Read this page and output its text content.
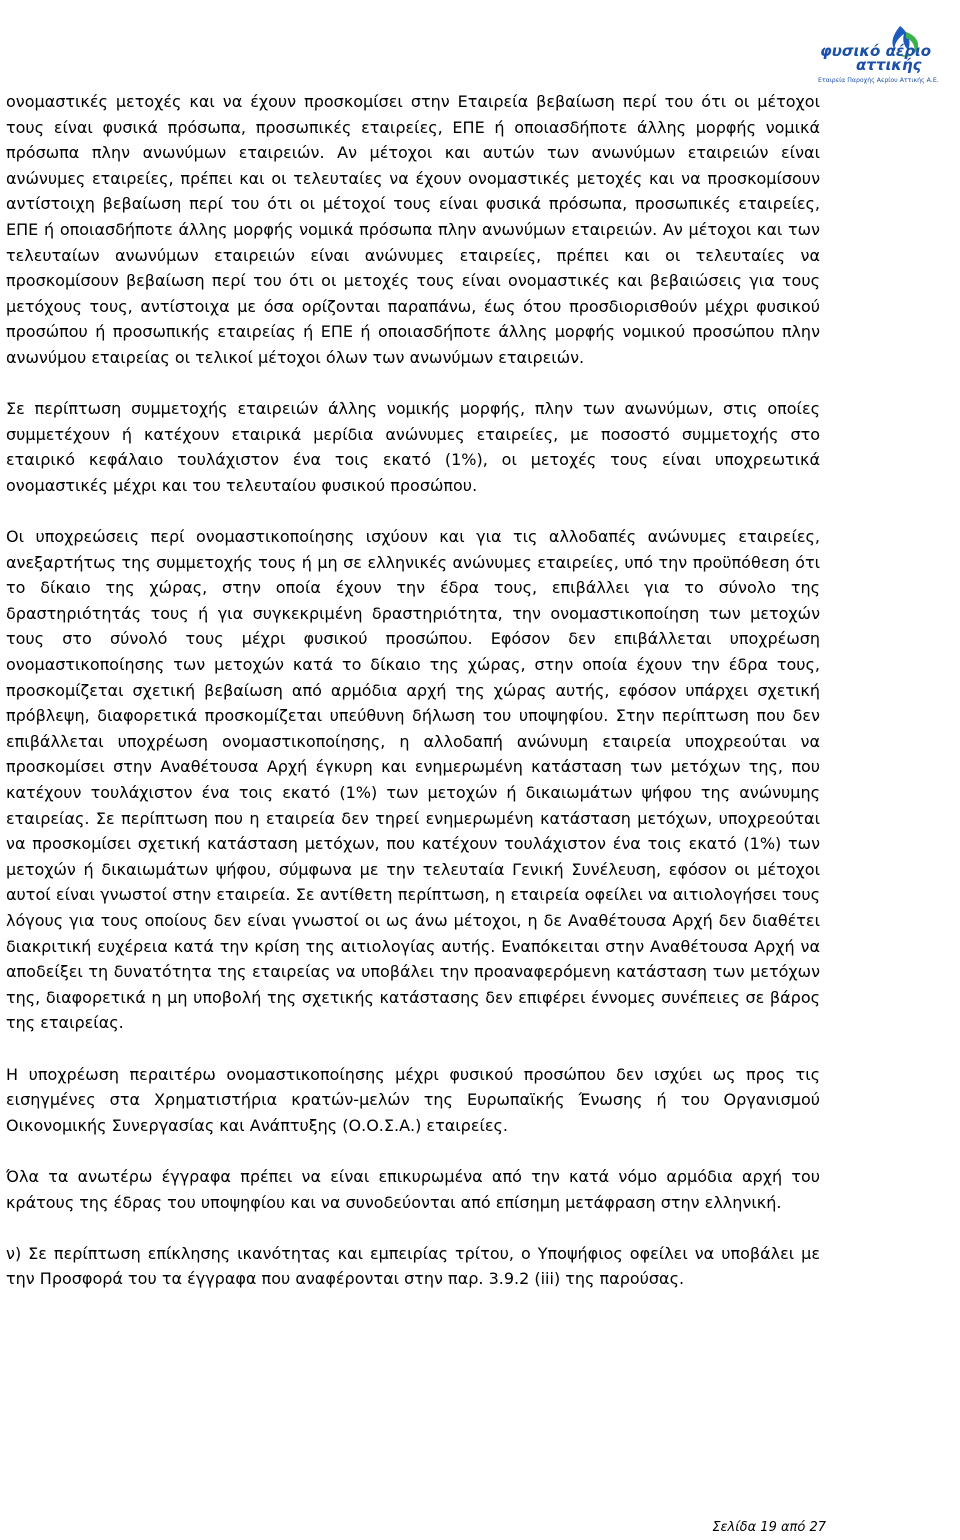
φυσικό αέριο
αττικής
Εταιρεία Παροχής Αερίου Αττικής Α.Ε.

ονομαστικές μετοχές και να έχουν προσκομίσει στην Εταιρεία βεβαίωση περί του ότι οι μέτοχοι τους είναι φυσικά πρόσωπα, προσωπικές εταιρείες, ΕΠΕ ή οποιασδήποτε άλλης μορφής νομικά πρόσωπα πλην ανωνύμων εταιρειών. Αν μέτοχοι και αυτών των ανωνύμων εταιρειών είναι ανώνυμες εταιρείες, πρέπει και οι τελευταίες να έχουν ονομαστικές μετοχές και να προσκομίσουν αντίστοιχη βεβαίωση περί του ότι οι μέτοχοί τους είναι φυσικά πρόσωπα, προσωπικές εταιρείες, ΕΠΕ ή οποιασδήποτε άλλης μορφής νομικά πρόσωπα πλην ανωνύμων εταιρειών. Αν μέτοχοι και των τελευταίων ανωνύμων εταιρειών είναι ανώνυμες εταιρείες, πρέπει και οι τελευταίες να προσκομίσουν βεβαίωση περί του ότι οι μετοχές τους είναι ονομαστικές και βεβαιώσεις για τους μετόχους τους, αντίστοιχα με όσα ορίζονται παραπάνω, έως ότου προσδιορισθούν μέχρι φυσικού προσώπου ή προσωπικής εταιρείας ή ΕΠΕ ή οποιασδήποτε άλλης μορφής νομικού προσώπου πλην ανωνύμου εταιρείας οι τελικοί μέτοχοι όλων των ανωνύμων εταιρειών.

Σε περίπτωση συμμετοχής εταιρειών άλλης νομικής μορφής, πλην των ανωνύμων, στις οποίες συμμετέχουν ή κατέχουν εταιρικά μερίδια ανώνυμες εταιρείες, με ποσοστό συμμετοχής στο εταιρικό κεφάλαιο τουλάχιστον ένα τοις εκατό (1%), οι μετοχές τους είναι υποχρεωτικά ονομαστικές μέχρι και του τελευταίου φυσικού προσώπου.

Οι υποχρεώσεις περί ονομαστικοποίησης ισχύουν και για τις αλλοδαπές ανώνυμες εταιρείες, ανεξαρτήτως της συμμετοχής τους ή μη σε ελληνικές ανώνυμες εταιρείες, υπό την προϋπόθεση ότι το δίκαιο της χώρας, στην οποία έχουν την έδρα τους, επιβάλλει για το σύνολο της δραστηριότητάς τους ή για συγκεκριμένη δραστηριότητα, την ονομαστικοποίηση των μετοχών τους στο σύνολό τους μέχρι φυσικού προσώπου. Εφόσον δεν επιβάλλεται υποχρέωση ονομαστικοποίησης των μετοχών κατά το δίκαιο της χώρας, στην οποία έχουν την έδρα τους, προσκομίζεται σχετική βεβαίωση από αρμόδια αρχή της χώρας αυτής, εφόσον υπάρχει σχετική πρόβλεψη, διαφορετικά προσκομίζεται υπεύθυνη δήλωση του υποψηφίου. Στην περίπτωση που δεν επιβάλλεται υποχρέωση ονομαστικοποίησης, η αλλοδαπή ανώνυμη εταιρεία υποχρεούται να προσκομίσει στην Αναθέτουσα Αρχή έγκυρη και ενημερωμένη κατάσταση των μετόχων της, που κατέχουν τουλάχιστον ένα τοις εκατό (1%) των μετοχών ή δικαιωμάτων ψήφου της ανώνυμης εταιρείας. Σε περίπτωση που η εταιρεία δεν τηρεί ενημερωμένη κατάσταση μετόχων, υποχρεούται να προσκομίσει σχετική κατάσταση μετόχων, που κατέχουν τουλάχιστον ένα τοις εκατό (1%) των μετοχών ή δικαιωμάτων ψήφου, σύμφωνα με την τελευταία Γενική Συνέλευση, εφόσον οι μέτοχοι αυτοί είναι γνωστοί στην εταιρεία. Σε αντίθετη περίπτωση, η εταιρεία οφείλει να αιτιολογήσει τους λόγους για τους οποίους δεν είναι γνωστοί οι ως άνω μέτοχοι, η δε Αναθέτουσα Αρχή δεν διαθέτει διακριτική ευχέρεια κατά την κρίση της αιτιολογίας αυτής. Εναπόκειται στην Αναθέτουσα Αρχή να αποδείξει τη δυνατότητα της εταιρείας να υποβάλει την προαναφερόμενη κατάσταση των μετόχων της, διαφορετικά η μη υποβολή της σχετικής κατάστασης δεν επιφέρει έννομες συνέπειες σε βάρος της εταιρείας.

Η υποχρέωση περαιτέρω ονομαστικοποίησης μέχρι φυσικού προσώπου δεν ισχύει ως προς τις εισηγμένες στα Χρηματιστήρια κρατών-μελών της Ευρωπαϊκής Ένωσης ή του Οργανισμού Οικονομικής Συνεργασίας και Ανάπτυξης (Ο.Ο.Σ.Α.) εταιρείες.

Όλα τα ανωτέρω έγγραφα πρέπει να είναι επικυρωμένα από την κατά νόμο αρμόδια αρχή του κράτους της έδρας του υποψηφίου και να συνοδεύονται από επίσημη μετάφραση στην ελληνική.

ν) Σε περίπτωση επίκλησης ικανότητας και εμπειρίας τρίτου, ο Υποψήφιος οφείλει να υποβάλει με την Προσφορά του τα έγγραφα που αναφέρονται στην παρ. 3.9.2 (iii) της παρούσας.

Σελίδα 19 από 27
